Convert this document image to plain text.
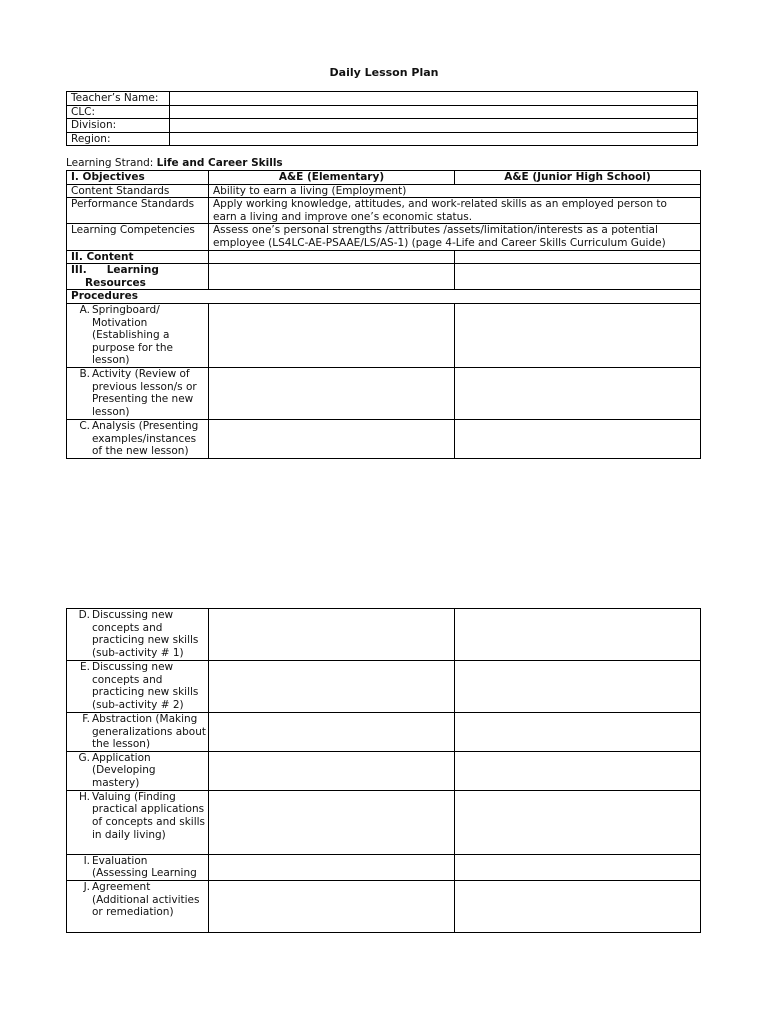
Daily Lesson Plan
Teacher’s Name:	
CLC:	
Division:	
Region:	
Learning Strand: Life and Career Skills
I. Objectives	A&E (Elementary)	A&E (Junior High School)
Content Standards	Ability to earn a living (Employment)	
Performance Standards	Apply working knowledge, attitudes, and work-related skills as an employed person to
earn a living and improve one’s economic status.	

Learning Competencies	Assess one’s personal strengths /attributes /assets/limitation/interests as a potential
employee (LS4LC-AE-PSAAE/LS/AS-1) (page 4-Life and Career Skills Curriculum Guide)	

II. Content		

III. Learning
Resources		

Procedures		

A. Springboard/ Motivation (Establishing a purpose for the lesson)		

B. Activity (Review of previous lesson/s or Presenting the new lesson)		

C. Analysis (Presenting examples/instances of the new lesson)		

D. Discussing new concepts and practicing new skills (sub-activity # 1)		

E. Discussing new concepts and practicing new skills (sub-activity # 2)		

F. Abstraction (Making generalizations about the lesson)		

G. Application (Developing mastery)		

H. Valuing (Finding practical applications of concepts and skills in daily living)		

I. Evaluation (Assessing Learning		

J. Agreement (Additional activities or remediation)		
